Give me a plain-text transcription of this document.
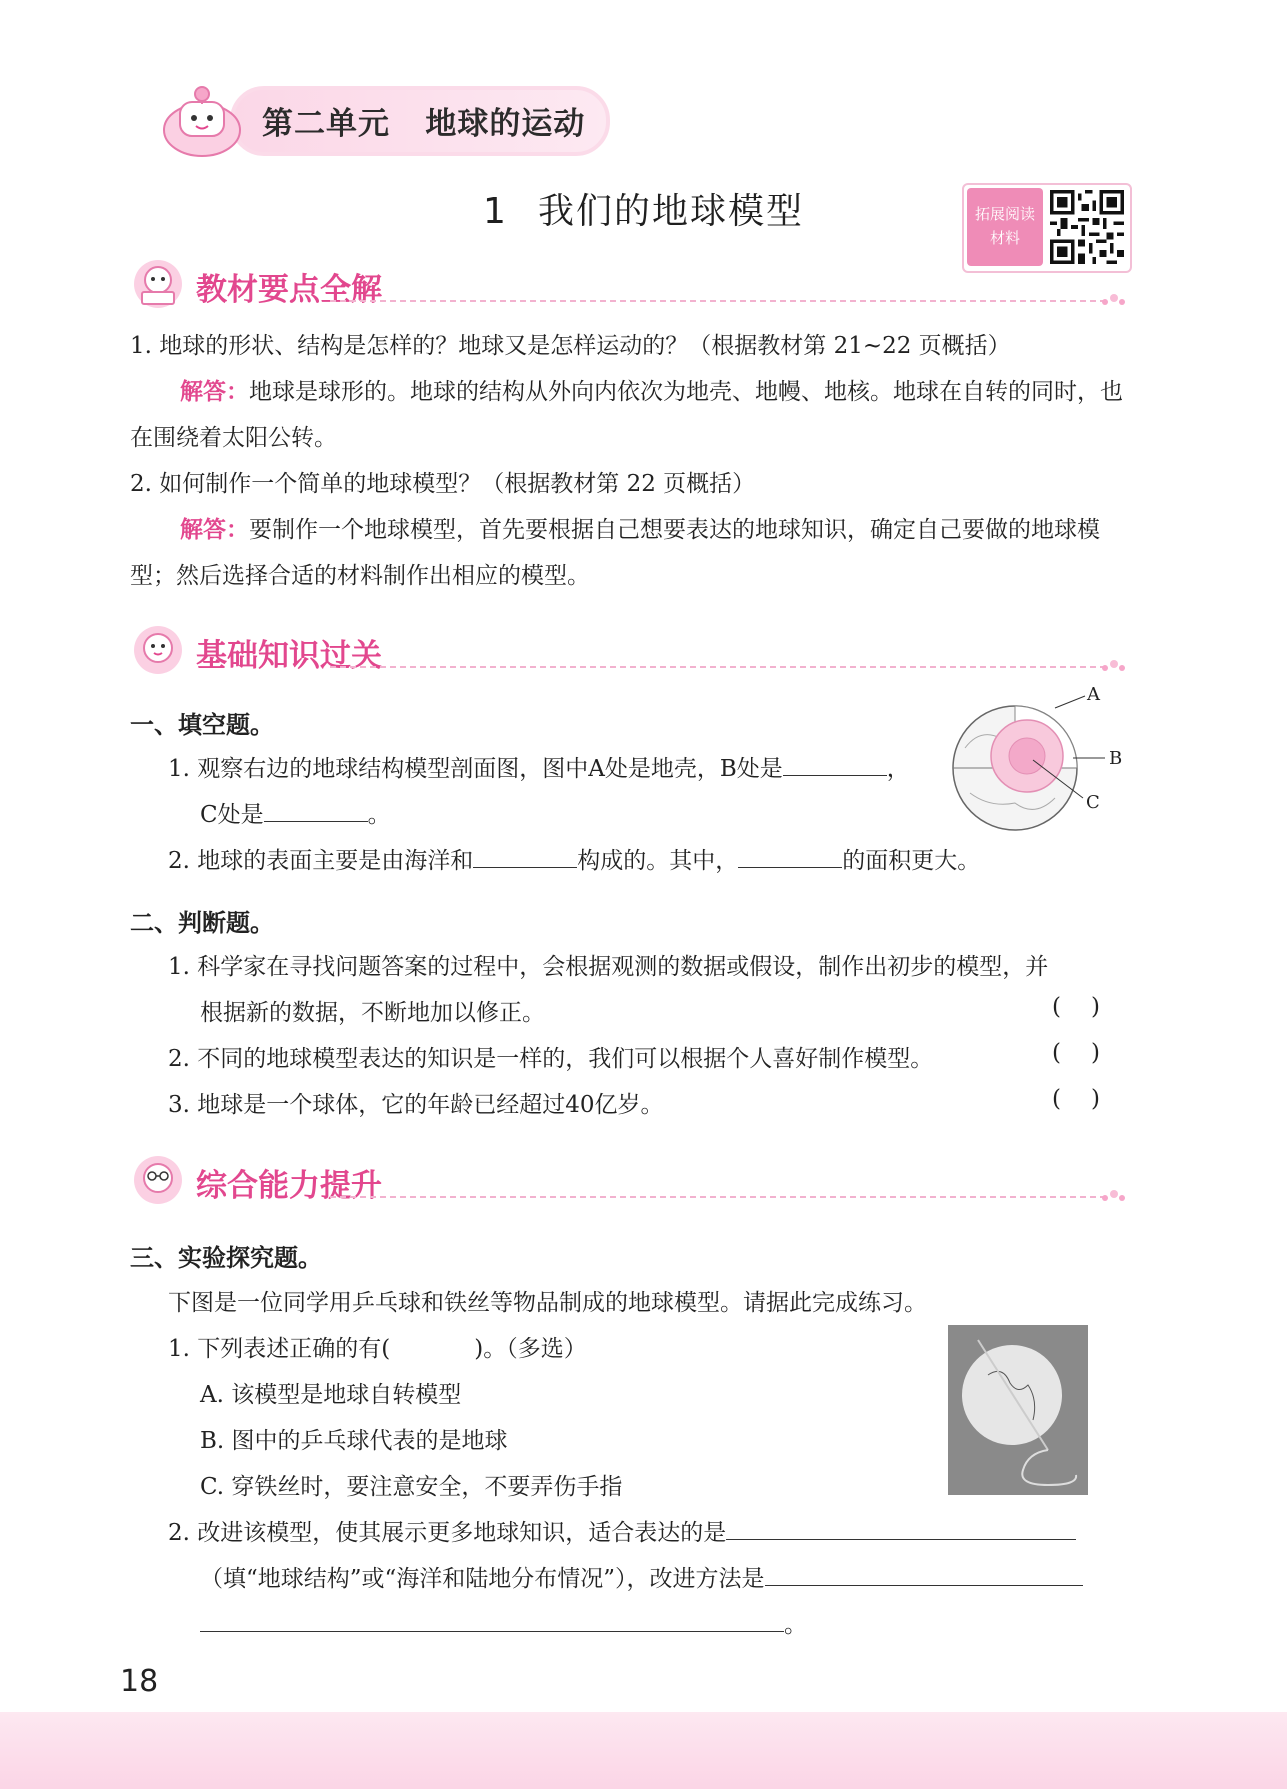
第二单元   地球的运动
1 我们的地球模型	拓展阅读
材料
教材要点全解
1. 地球的形状、结构是怎样的？地球又是怎样运动的？（根据教材第 21~22 页概括）
解答：地球是球形的。地球的结构从外向内依次为地壳、地幔、地核。地球在自转的同时，也在围绕着太阳公转。
2. 如何制作一个简单的地球模型？（根据教材第 22 页概括）
解答：要制作一个地球模型，首先要根据自己想要表达的地球知识，确定自己要做的地球模型；然后选择合适的材料制作出相应的模型。
基础知识过关
一、填空题。
1. 观察右边的地球结构模型剖面图，图中A处是地壳，B处是	，
C处是	。
2. 地球的表面主要是由海洋和	构成的。其中，	的面积更大。
A
B
C
二、判断题。
1. 科学家在寻找问题答案的过程中，会根据观测的数据或假设，制作出初步的模型，并
根据新的数据，不断地加以修正。	()
2. 不同的地球模型表达的知识是一样的，我们可以根据个人喜好制作模型。	()
3. 地球是一个球体，它的年龄已经超过40亿岁。	()
综合能力提升
三、实验探究题。
下图是一位同学用乒乓球和铁丝等物品制成的地球模型。请据此完成练习。
1. 下列表述正确的有(	)。（多选）
A. 该模型是地球自转模型
B. 图中的乒乓球代表的是地球
C. 穿铁丝时，要注意安全，不要弄伤手指
2. 改进该模型，使其展示更多地球知识，适合表达的是
（填“地球结构”或“海洋和陆地分布情况”），改进方法是
。
18
